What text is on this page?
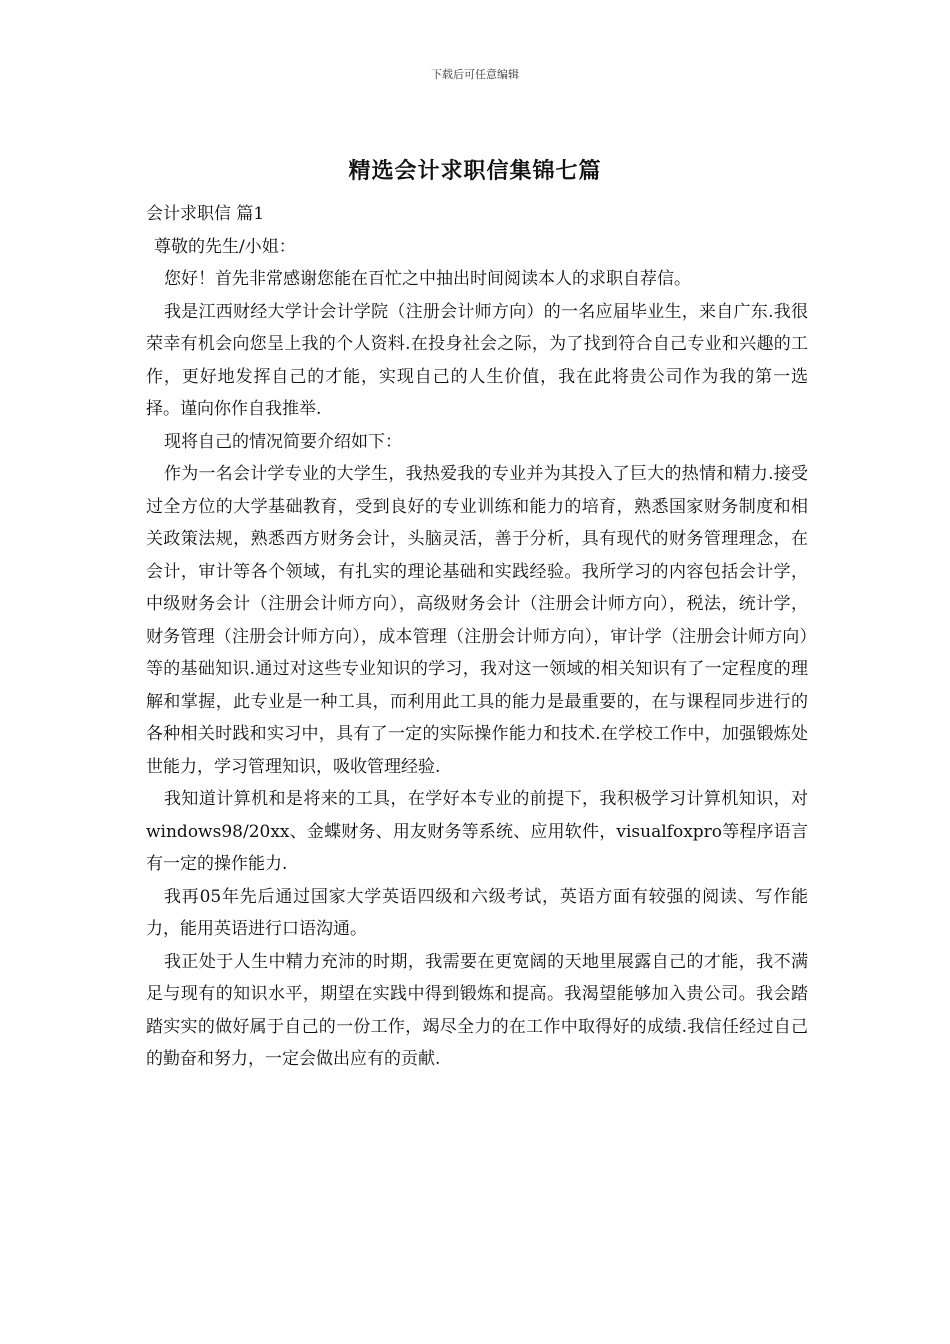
下载后可任意编辑
精选会计求职信集锦七篇

会计求职信 篇1

尊敬的先生/小姐：

您好！首先非常感谢您能在百忙之中抽出时间阅读本人的求职自荐信。

我是江西财经大学计会计学院（注册会计师方向）的一名应届毕业生，来自广东.我很荣幸有机会向您呈上我的个人资料.在投身社会之际，为了找到符合自己专业和兴趣的工作，更好地发挥自己的才能，实现自己的人生价值，我在此将贵公司作为我的第一选择。谨向你作自我推举.

现将自己的情况简要介绍如下：

作为一名会计学专业的大学生，我热爱我的专业并为其投入了巨大的热情和精力.接受过全方位的大学基础教育，受到良好的专业训练和能力的培育，熟悉国家财务制度和相关政策法规，熟悉西方财务会计，头脑灵活，善于分析，具有现代的财务管理理念，在会计，审计等各个领域，有扎实的理论基础和实践经验。我所学习的内容包括会计学，中级财务会计（注册会计师方向），高级财务会计（注册会计师方向），税法，统计学，财务管理（注册会计师方向），成本管理（注册会计师方向），审计学（注册会计师方向）等的基础知识.通过对这些专业知识的学习，我对这一领域的相关知识有了一定程度的理解和掌握，此专业是一种工具，而利用此工具的能力是最重要的，在与课程同步进行的各种相关时践和实习中，具有了一定的实际操作能力和技术.在学校工作中，加强锻炼处世能力，学习管理知识，吸收管理经验.

我知道计算机和是将来的工具，在学好本专业的前提下，我积极学习计算机知识，对windows98/20xx、金蝶财务、用友财务等系统、应用软件，visualfoxpro等程序语言有一定的操作能力.

我再05年先后通过国家大学英语四级和六级考试，英语方面有较强的阅读、写作能力，能用英语进行口语沟通。

我正处于人生中精力充沛的时期，我需要在更宽阔的天地里展露自己的才能，我不满足与现有的知识水平，期望在实践中得到锻炼和提高。我渴望能够加入贵公司。我会踏踏实实的做好属于自己的一份工作，竭尽全力的在工作中取得好的成绩.我信任经过自己的勤奋和努力，一定会做出应有的贡献.
